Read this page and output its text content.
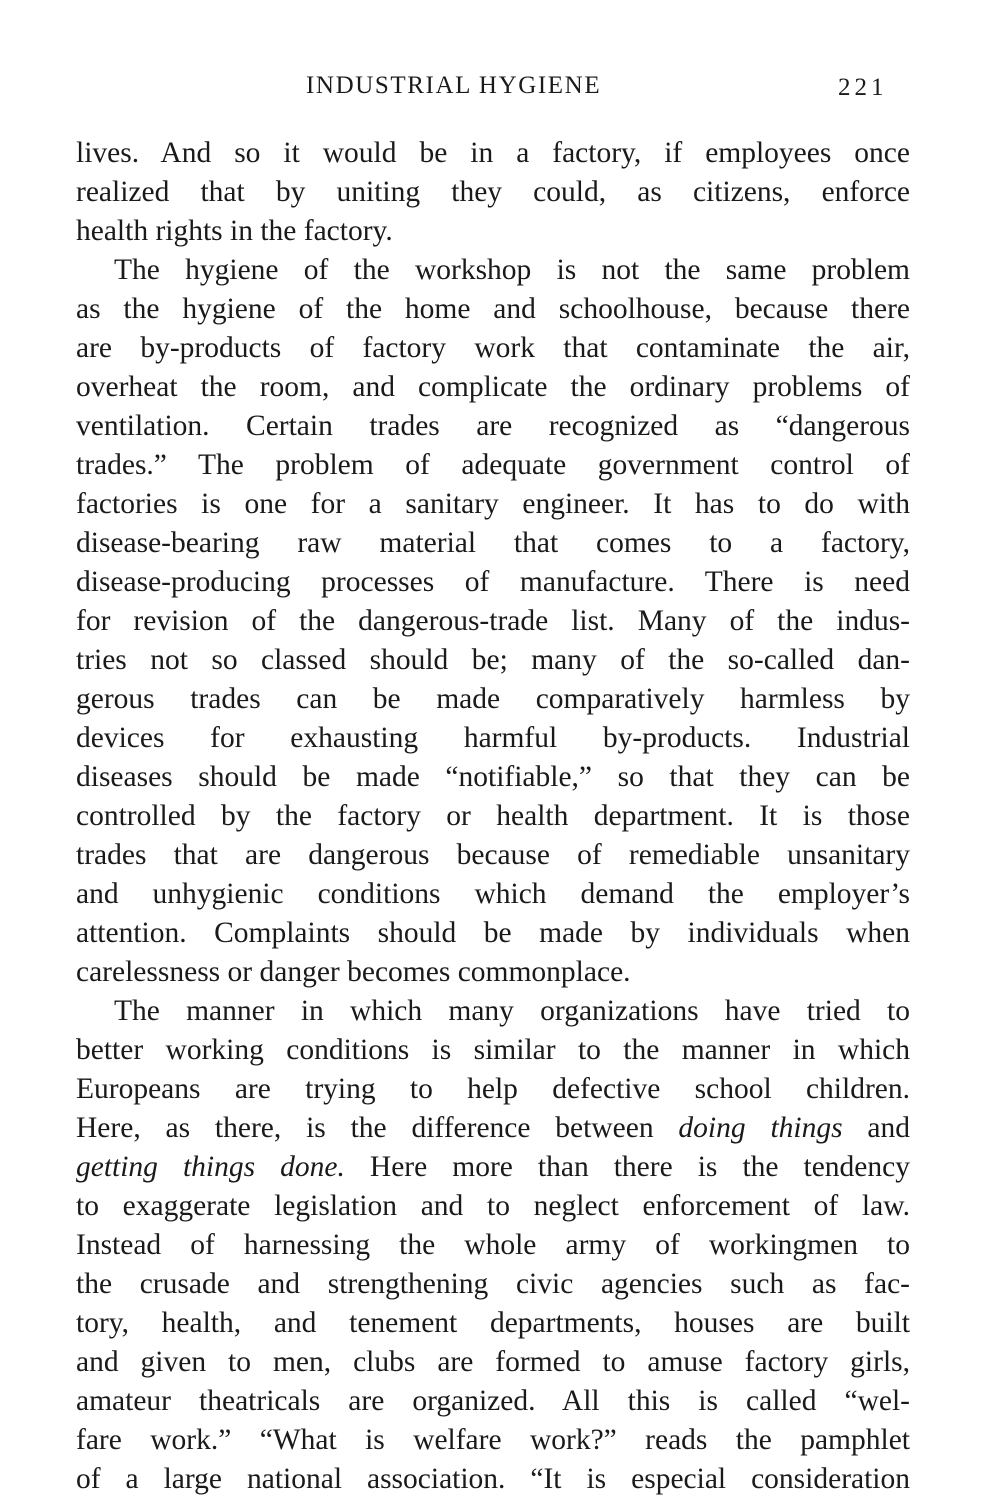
INDUSTRIAL HYGIENE	221
lives. And so it would be in a factory, if employees once
realized that by uniting they could, as citizens, enforce
health rights in the factory.
The hygiene of the workshop is not the same problem
as the hygiene of the home and schoolhouse, because there
are by-products of factory work that contaminate the air,
overheat the room, and complicate the ordinary problems of
ventilation. Certain trades are recognized as “dangerous
trades.” The problem of adequate government control of
factories is one for a sanitary engineer. It has to do with
disease-bearing raw material that comes to a factory,
disease-producing processes of manufacture. There is need
for revision of the dangerous-trade list. Many of the indus-
tries not so classed should be; many of the so-called dan-
gerous trades can be made comparatively harmless by
devices for exhausting harmful by-products. Industrial
diseases should be made “notifiable,” so that they can be
controlled by the factory or health department. It is those
trades that are dangerous because of remediable unsanitary
and unhygienic conditions which demand the employer’s
attention. Complaints should be made by individuals when
carelessness or danger becomes commonplace.
The manner in which many organizations have tried to
better working conditions is similar to the manner in which
Europeans are trying to help defective school children.
Here, as there, is the difference between doing things and
getting things done. Here more than there is the tendency
to exaggerate legislation and to neglect enforcement of law.
Instead of harnessing the whole army of workingmen to
the crusade and strengthening civic agencies such as fac-
tory, health, and tenement departments, houses are built
and given to men, clubs are formed to amuse factory girls,
amateur theatricals are organized. All this is called “wel-
fare work.” “What is welfare work?” reads the pamphlet
of a large national association. “It is especial consideration
